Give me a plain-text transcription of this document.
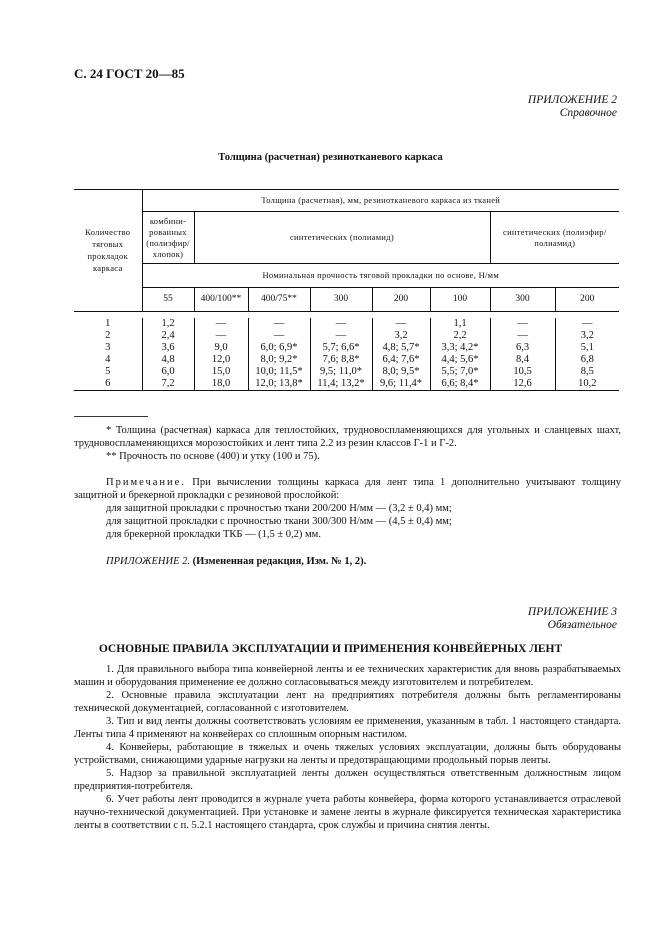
С. 24 ГОСТ 20—85
ПРИЛОЖЕНИЕ 2
Справочное
Толщина (расчетная) резинотканевого каркаса
Количество тяговых прокладок каркаса	Толщина (расчетная), мм, резинотканевого каркаса из тканей							
	комбини- рованных (полиэфир/ хлопок)	синтетических (полиамид)					синтетических (полиэфир/полиамид)	
	Номинальная прочность тяговой прокладки по основе, Н/мм							
	55	400/100**	400/75**	300	200	100	300	200

1	1,2	—	—	—	—	1,1	—	—
2	2,4	—	—	—	3,2	2,2	—	3,2
3	3,6	9,0	6,0; 6,9*	5,7; 6,6*	4,8; 5,7*	3,3; 4,2*	6,3	5,1
4	4,8	12,0	8,0; 9,2*	7,6; 8,8*	6,4; 7,6*	4,4; 5,6*	8,4	6,8
5	6,0	15,0	10,0; 11,5*	9,5; 11,0*	8,0; 9,5*	5,5; 7,0*	10,5	8,5
6	7,2	18,0	12,0; 13,8*	11,4; 13,2*	9,6; 11,4*	6,6; 8,4*	12,6	10,2
* Толщина (расчетная) каркаса для теплостойких, трудновоспламеняющихся для угольных и сланцевых шахт, трудновоспламеняющихся морозостойких и лент типа 2.2 из резин классов Г-1 и Г-2.
** Прочность по основе (400) и утку (100 и 75).
Примечание. При вычислении толщины каркаса для лент типа 1 дополнительно учитывают толщину защитной и брекерной прокладки с резиновой прослойкой:
для защитной прокладки с прочностью ткани 200/200 Н/мм — (3,2 ± 0,4) мм;
для защитной прокладки с прочностью ткани 300/300 Н/мм — (4,5 ± 0,4) мм;
для брекерной прокладки ТКБ — (1,5 ± 0,2) мм.
ПРИЛОЖЕНИЕ 2. (Измененная редакция, Изм. № 1, 2).
ПРИЛОЖЕНИЕ 3
Обязательное
ОСНОВНЫЕ ПРАВИЛА ЭКСПЛУАТАЦИИ И ПРИМЕНЕНИЯ КОНВЕЙЕРНЫХ ЛЕНТ

1. Для правильного выбора типа конвейерной ленты и ее технических характеристик для вновь разрабатываемых машин и оборудования применение ее должно согласовываться между изготовителем и потребителем.

2. Основные правила эксплуатации лент на предприятиях потребителя должны быть регламентированы технической документацией, согласованной с изготовителем.

3. Тип и вид ленты должны соответствовать условиям ее применения, указанным в табл. 1 настоящего стандарта. Ленты типа 4 применяют на конвейерах со сплошным опорным настилом.

4. Конвейеры, работающие в тяжелых и очень тяжелых условиях эксплуатации, должны быть оборудованы устройствами, снижающими ударные нагрузки на ленты и предотвращающими продольный порыв ленты.

5. Надзор за правильной эксплуатацией ленты должен осуществляться ответственным должностным лицом предприятия-потребителя.

6. Учет работы лент проводится в журнале учета работы конвейера, форма которого устанавливается отраслевой научно-технической документацией. При установке и замене ленты в журнале фиксируется техническая характеристика ленты в соответствии с п. 5.2.1 настоящего стандарта, срок службы и причина снятия ленты.
